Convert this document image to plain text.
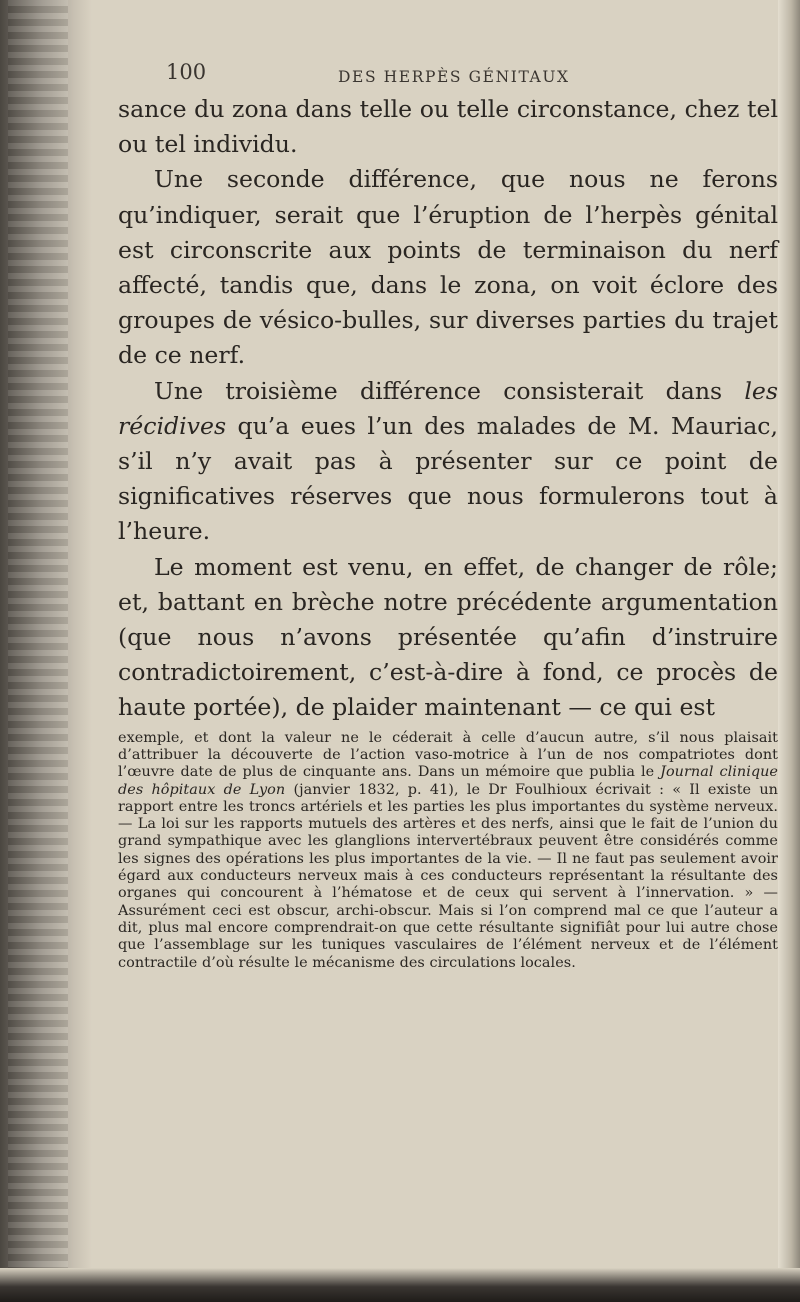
100	DES HERPÈS GÉNITAUX

sance du zona dans telle ou telle circonstance, chez tel ou tel individu.

Une seconde différence, que nous ne ferons qu’indiquer, serait que l’éruption de l’herpès génital est circonscrite aux points de terminaison du nerf affecté, tandis que, dans le zona, on voit éclore des groupes de vésico-bulles, sur diverses parties du trajet de ce nerf.

Une troisième différence consisterait dans les récidives qu’a eues l’un des malades de M. Mauriac, s’il n’y avait pas à présenter sur ce point de significatives réserves que nous formulerons tout à l’heure.

Le moment est venu, en effet, de changer de rôle; et, battant en brèche notre précédente argumentation (que nous n’avons présentée qu’afin d’instruire contradictoirement, c’est-à-dire à fond, ce procès de haute portée), de plaider maintenant — ce qui est

exemple, et dont la valeur ne le céderait à celle d’aucun autre, s’il nous plaisait d’attribuer la découverte de l’action vaso-motrice à l’un de nos compatriotes dont l’œuvre date de plus de cinquante ans. Dans un mémoire que publia le Journal clinique des hôpitaux de Lyon (janvier 1832, p. 41), le Dr Foulhioux écrivait : « Il existe un rapport entre les troncs artériels et les parties les plus importantes du système nerveux. — La loi sur les rapports mutuels des artères et des nerfs, ainsi que le fait de l’union du grand sympathique avec les glanglions intervertébraux peuvent être considérés comme les signes des opérations les plus importantes de la vie. — Il ne faut pas seulement avoir égard aux conducteurs nerveux mais à ces conducteurs représentant la résultante des organes qui concourent à l’hématose et de ceux qui servent à l’innervation. » — Assurément ceci est obscur, archi-obscur. Mais si l’on comprend mal ce que l’auteur a dit, plus mal encore comprendrait-on que cette résultante signifiât pour lui autre chose que l’assemblage sur les tuniques vasculaires de l’élément nerveux et de l’élément contractile d’où résulte le mécanisme des circulations locales.
